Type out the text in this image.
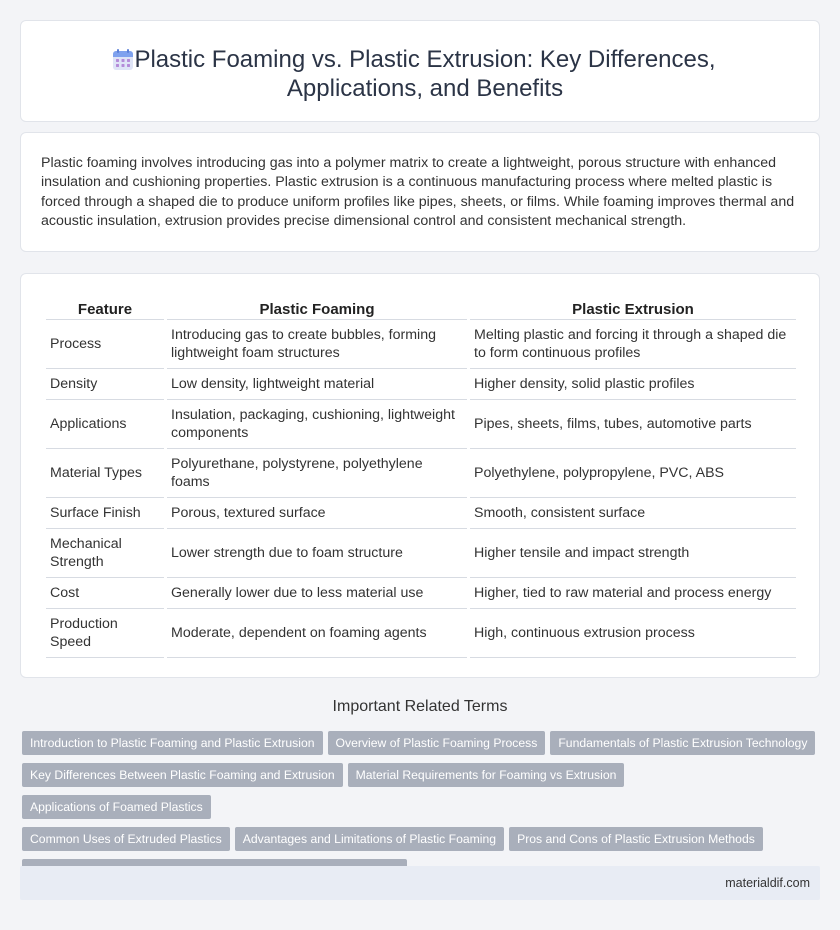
Plastic Foaming vs. Plastic Extrusion: Key Differences, Applications, and Benefits

Plastic foaming involves introducing gas into a polymer matrix to create a lightweight, porous structure with enhanced insulation and cushioning properties. Plastic extrusion is a continuous manufacturing process where melted plastic is forced through a shaped die to produce uniform profiles like pipes, sheets, or films. While foaming improves thermal and acoustic insulation, extrusion provides precise dimensional control and consistent mechanical strength.

Feature	Plastic Foaming	Plastic Extrusion
Process	Introducing gas to create bubbles, forming lightweight foam structures	Melting plastic and forcing it through a shaped die to form continuous profiles
Density	Low density, lightweight material	Higher density, solid plastic profiles
Applications	Insulation, packaging, cushioning, lightweight components	Pipes, sheets, films, tubes, automotive parts
Material Types	Polyurethane, polystyrene, polyethylene foams	Polyethylene, polypropylene, PVC, ABS
Surface Finish	Porous, textured surface	Smooth, consistent surface
Mechanical Strength	Lower strength due to foam structure	Higher tensile and impact strength
Cost	Generally lower due to less material use	Higher, tied to raw material and process energy
Production Speed	Moderate, dependent on foaming agents	High, continuous extrusion process
Important Related Terms
Introduction to Plastic Foaming and Plastic Extrusion Overview of Plastic Foaming Process Fundamentals of Plastic Extrusion Technology
Key Differences Between Plastic Foaming and Extrusion Material Requirements for Foaming vs ExtrusionApplications of Foamed Plastics
Common Uses of Extruded Plastics Advantages and Limitations of Plastic Foaming Pros and Cons of Plastic Extrusion Methods

materialdif.com
